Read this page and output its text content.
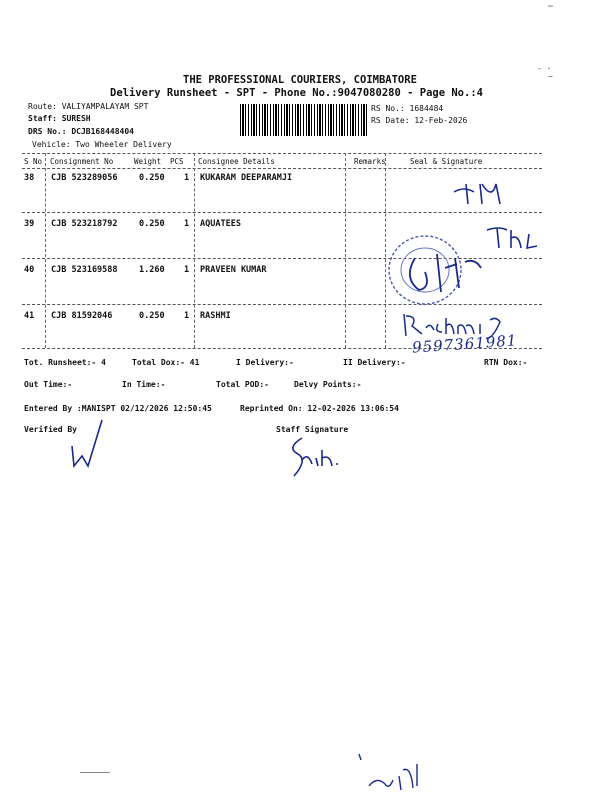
▔
- ·
~
THE PROFESSIONAL COURIERS, COIMBATORE
Delivery Runsheet - SPT - Phone No.:9047080280 - Page No.:4
Route: VALIYAMPALAYAM SPT
Staff: SURESH
DRS No.: DCJB168448404
Vehicle: Two Wheeler Delivery
RS No.: 1684484
RS Date: 12-Feb-2026
S No Consignment No	Weight PCS Consignee Details	Remarks	Seal & Signature
38 CJB 523289056	0.250 1 KUKARAM DEEPARAMJI
39 CJB 523218792	0.250 1 AQUATEES
40 CJB 523169588	1.260 1 PRAVEEN KUMAR
41 CJB 81592046	0.250 1 RASHMI
9597361981
Tot. Runsheet:- 4	Total Dox:- 41	I Delivery:-	II Delivery:-	RTN Dox:-
Out Time:-	In Time:-	Total POD:-	Delvy Points:-
Entered By :MANISPT 02/12/2026 12:50:45	Reprinted On: 12-02-2026 13:06:54
Verified By	Staff Signature
